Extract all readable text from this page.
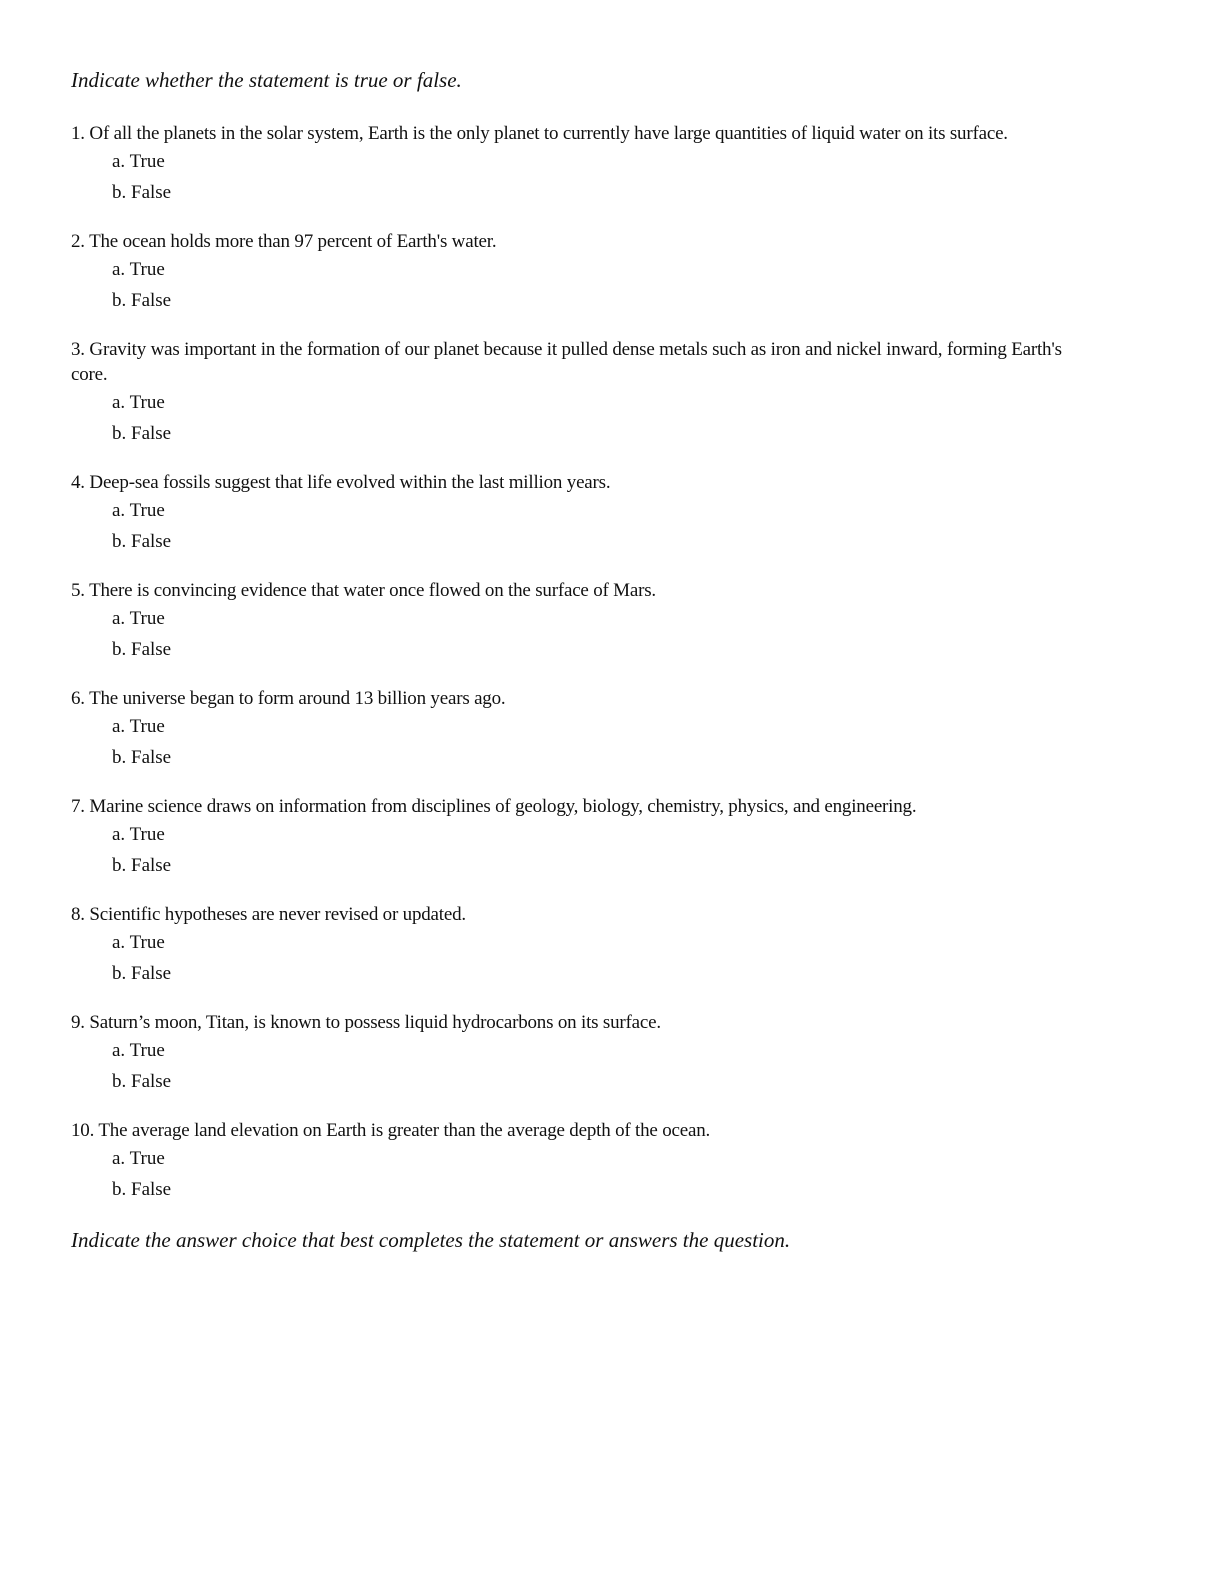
Indicate whether the statement is true or false.

1. Of all the planets in the solar system, Earth is the only planet to currently have large quantities of liquid water on its surface.

a. True

b. False

2. The ocean holds more than 97 percent of Earth's water.

a. True

b. False

3. Gravity was important in the formation of our planet because it pulled dense metals such as iron and nickel inward, forming Earth's core.

a. True

b. False

4. Deep-sea fossils suggest that life evolved within the last million years.

a. True

b. False

5. There is convincing evidence that water once flowed on the surface of Mars.

a. True

b. False

6. The universe began to form around 13 billion years ago.

a. True

b. False

7. Marine science draws on information from disciplines of geology, biology, chemistry, physics, and engineering.

a. True

b. False

8. Scientific hypotheses are never revised or updated.

a. True

b. False

9. Saturn’s moon, Titan, is known to possess liquid hydrocarbons on its surface.

a. True

b. False

10. The average land elevation on Earth is greater than the average depth of the ocean.

a. True

b. False

Indicate the answer choice that best completes the statement or answers the question.
